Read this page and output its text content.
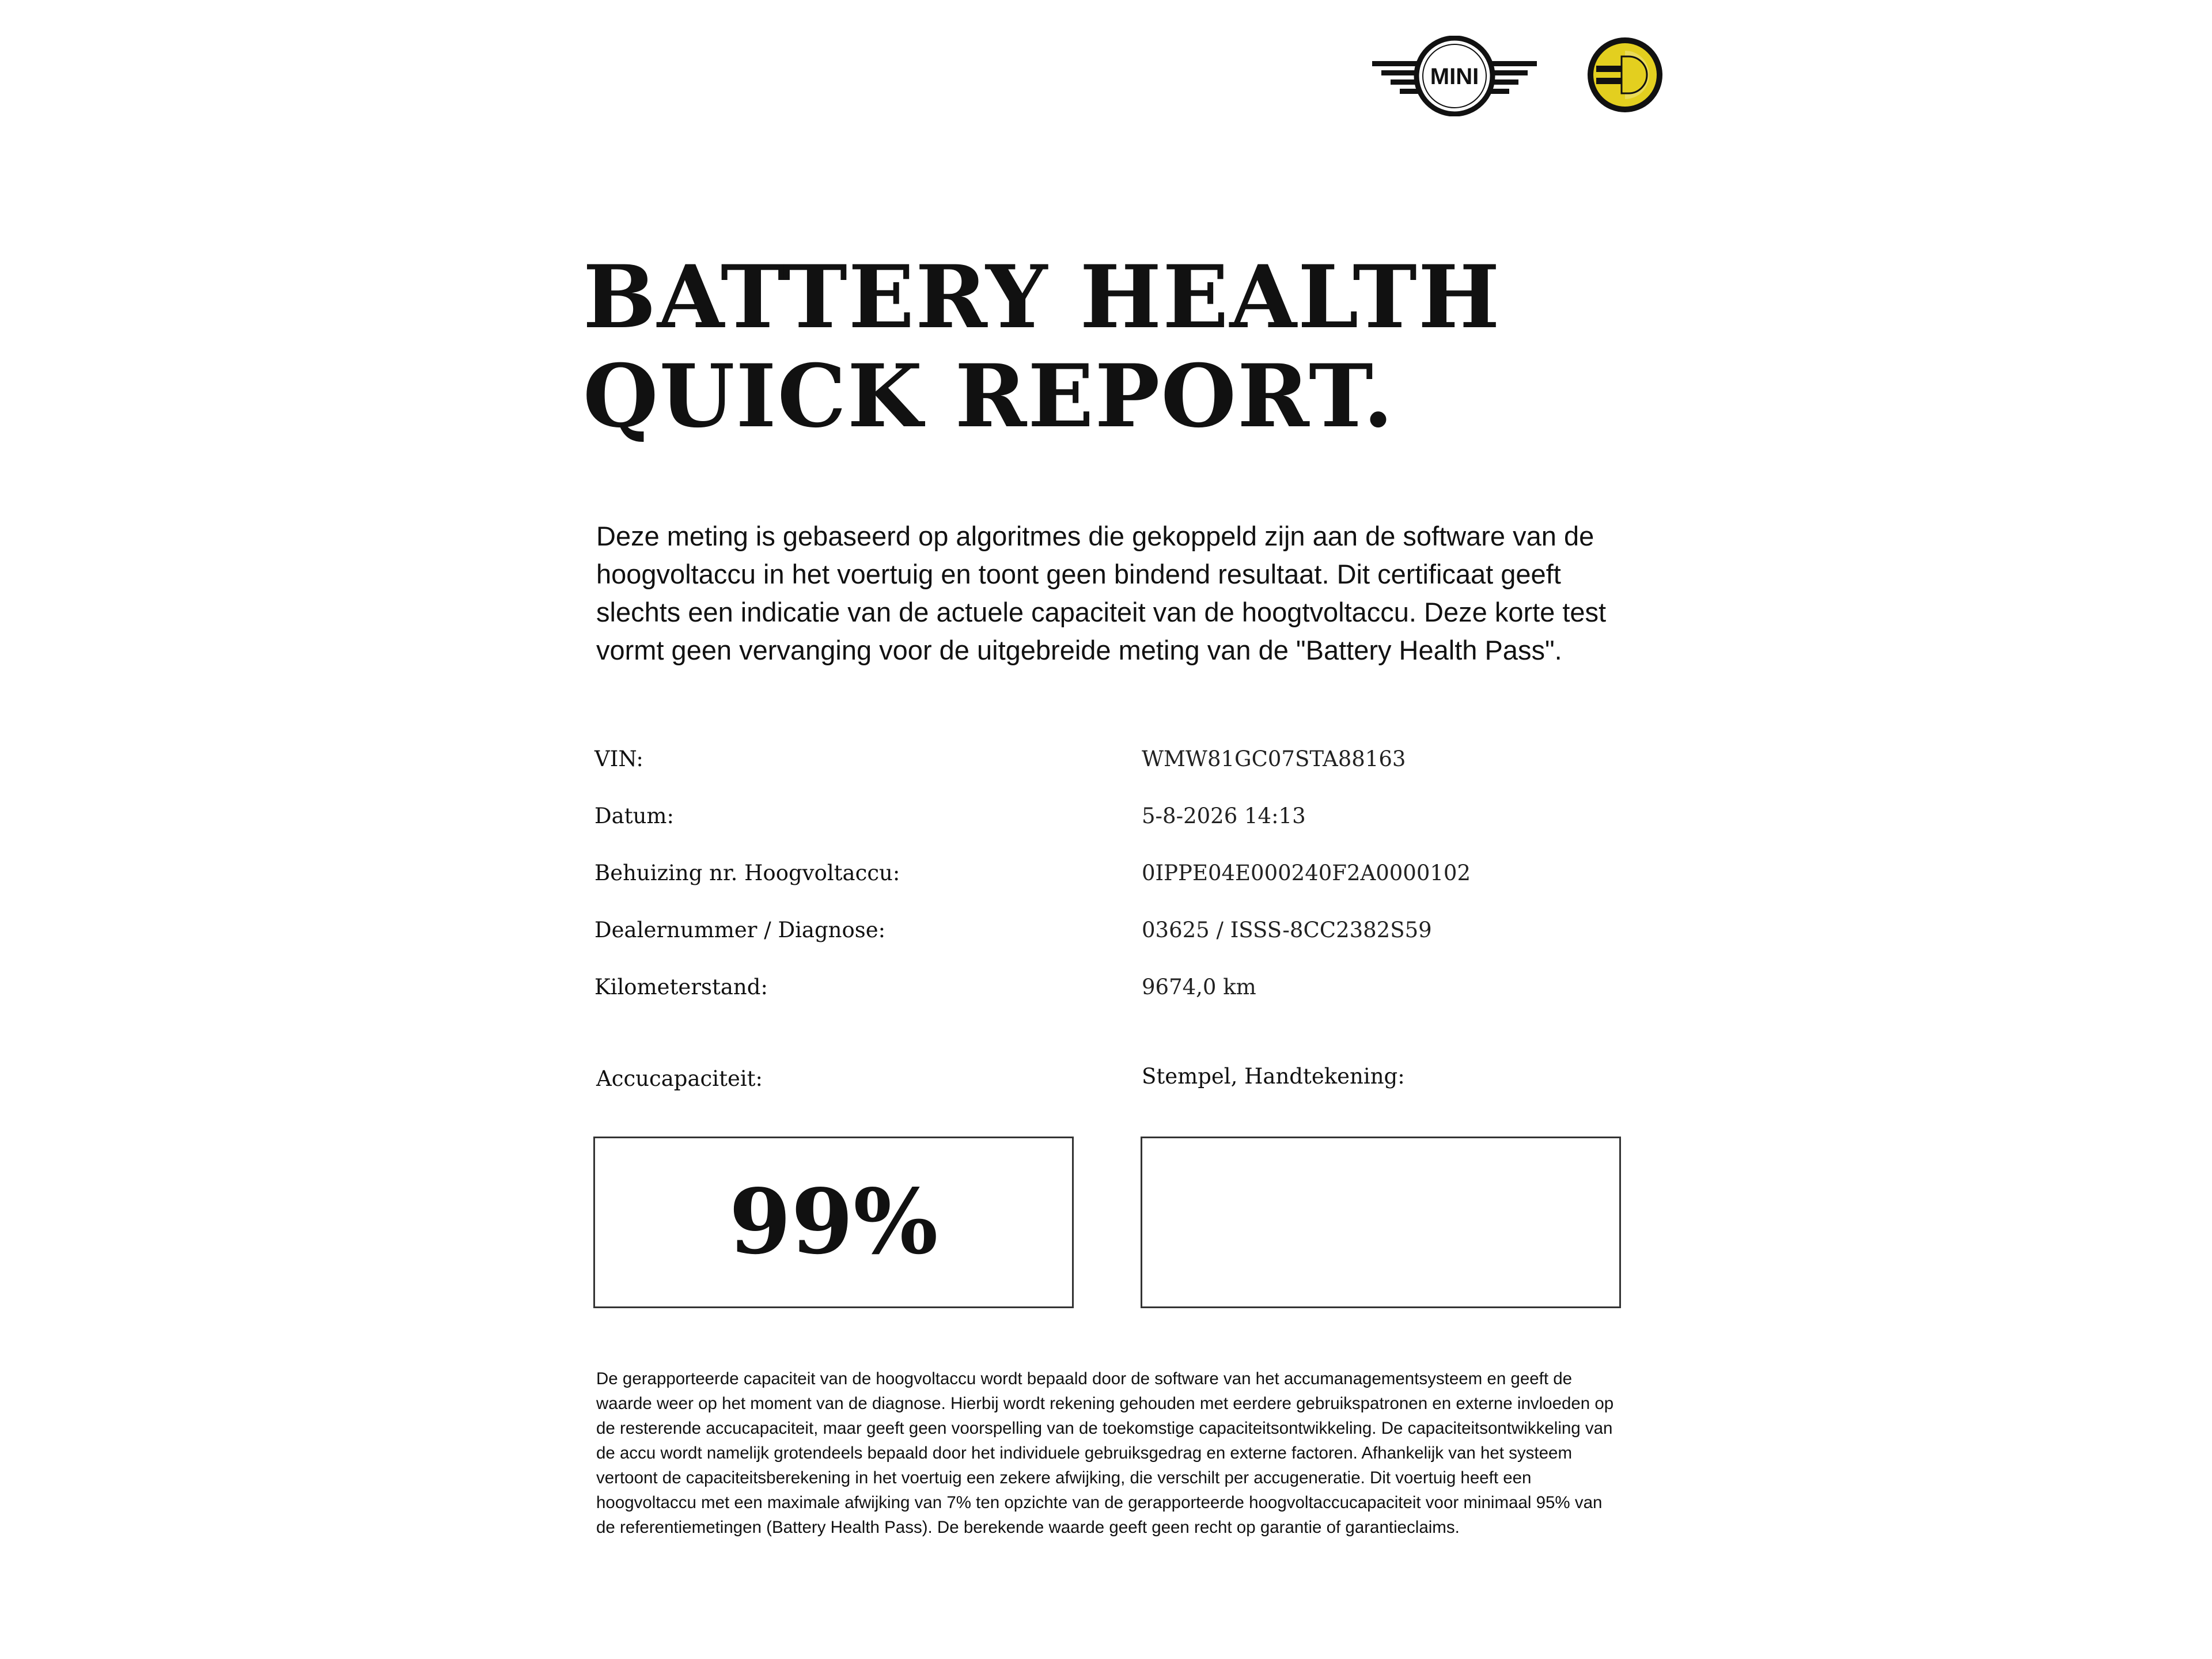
MINI
BATTERY HEALTH
QUICK REPORT.

Deze meting is gebaseerd op algoritmes die gekoppeld zijn aan de software van de hoogvoltaccu in het voertuig en toont geen bindend resultaat. Dit certificaat geeft slechts een indicatie van de actuele capaciteit van de hoogtvoltaccu. Deze korte test vormt geen vervanging voor de uitgebreide meting van de "Battery Health Pass".

VIN:	WMW81GC07STA88163
Datum:	5-8-2026 14:13
Behuizing nr. Hoogvoltaccu:	0IPPE04E000240F2A0000102
Dealernummer / Diagnose:	03625 / ISSS-8CC2382S59
Kilometerstand:	9674,0 km
Accucapaciteit:	Stempel, Handtekening:
99%

De gerapporteerde capaciteit van de hoogvoltaccu wordt bepaald door de software van het accumanagementsysteem en geeft de waarde weer op het moment van de diagnose. Hierbij wordt rekening gehouden met eerdere gebruikspatronen en externe invloeden op de resterende accucapaciteit, maar geeft geen voorspelling van de toekomstige capaciteitsontwikkeling. De capaciteitsontwikkeling van de accu wordt namelijk grotendeels bepaald door het individuele gebruiksgedrag en externe factoren. Afhankelijk van het systeem vertoont de capaciteitsberekening in het voertuig een zekere afwijking, die verschilt per accugeneratie. Dit voertuig heeft een hoogvoltaccu met een maximale afwijking van 7% ten opzichte van de gerapporteerde hoogvoltaccucapaciteit voor minimaal 95% van de referentiemetingen (Battery Health Pass). De berekende waarde geeft geen recht op garantie of garantieclaims.
